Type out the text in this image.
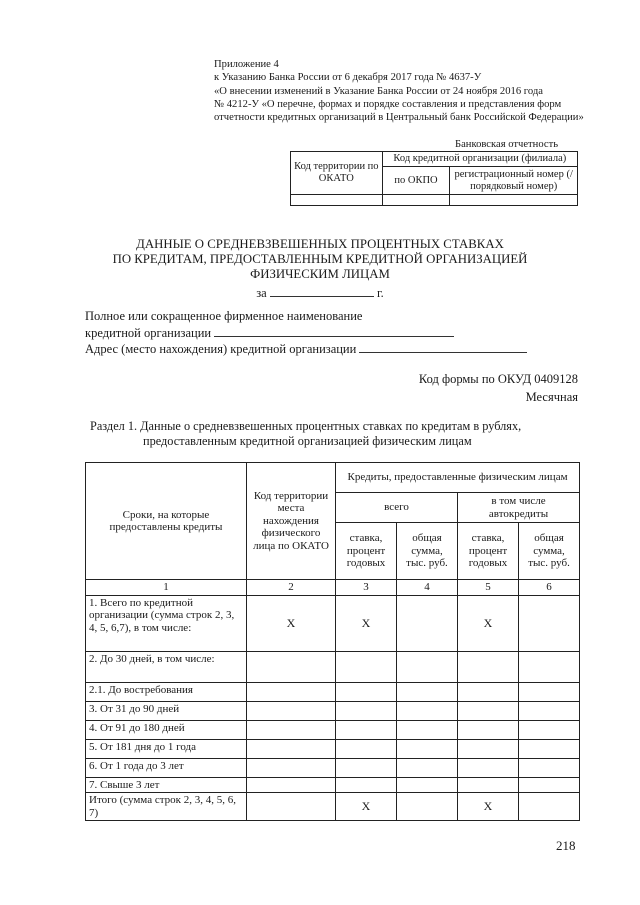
Приложение 4
к Указанию Банка России от 6 декабря 2017 года № 4637-У
«О внесении изменений в Указание Банка России от 24 ноября 2016 года
№ 4212-У «О перечне, формах и порядке составления и представления форм отчетности кредитных организаций в Центральный банк Российской Федерации»
Банковская отчетность
Код территории по ОКАТО	Код кредитной организации (филиала)	
	по ОКПО	регистрационный номер (/порядковый номер)

ДАННЫЕ О СРЕДНЕВЗВЕШЕННЫХ ПРОЦЕНТНЫХ СТАВКАХ
ПО КРЕДИТАМ, ПРЕДОСТАВЛЕННЫМ КРЕДИТНОЙ ОРГАНИЗАЦИЕЙ
ФИЗИЧЕСКИМ ЛИЦАМ
за	г.
Полное или сокращенное фирменное наименование
кредитной организации
Адрес (место нахождения) кредитной организации
Код формы по ОКУД 0409128
Месячная
Раздел 1. Данные о средневзвешенных процентных ставках по кредитам в рублях,
предоставленным кредитной организацией физическим лицам
Сроки, на которые предоставлены кредиты	Код территории места нахождения физического лица по ОКАТО	Кредиты, предоставленные физическим лицам			
		всего		в том числе автокредиты	
		ставка, процент годовых	общая сумма, тыс. руб.	ставка, процент годовых	общая сумма, тыс. руб.
1	2	3	4	5	6
1. Всего по кредитной организации (сумма строк 2, 3, 4, 5, 6,7), в том числе:	X	X		X	
2. До 30 дней, в том числе:					
2.1. До востребования					
3. От 31 до 90 дней					
4. От 91 до 180 дней					
5. От 181 дня до 1 года					
6. От 1 года до 3 лет					
7. Свыше 3 лет					
Итого (сумма строк 2, 3, 4, 5, 6, 7)		X		X	
218
